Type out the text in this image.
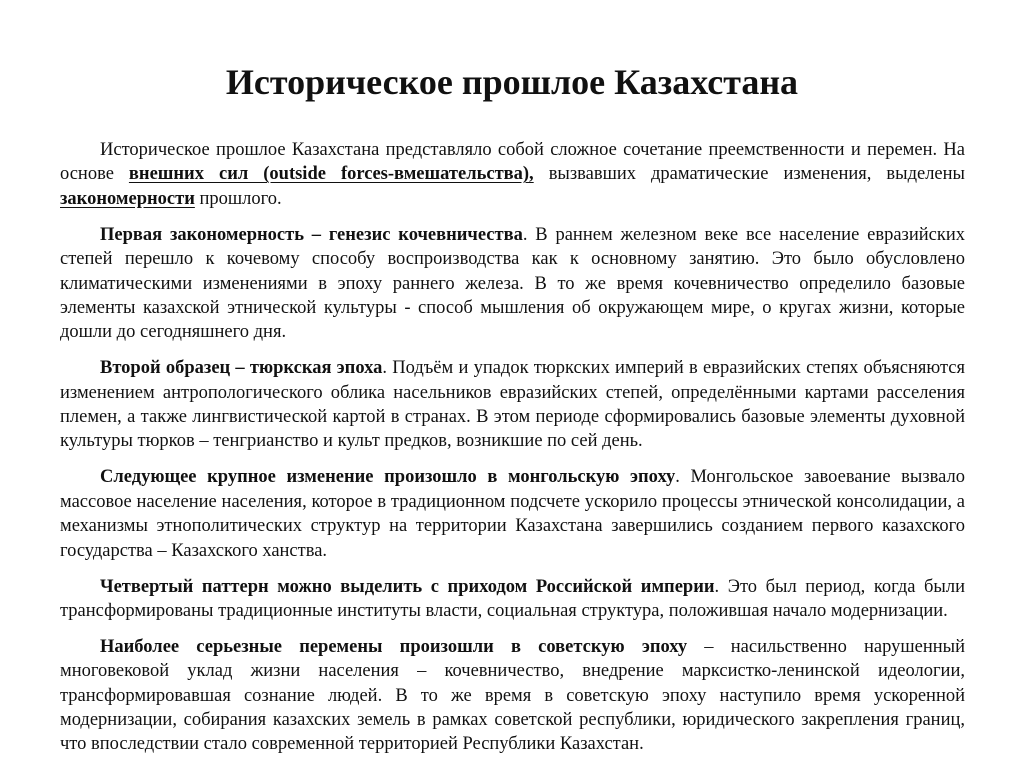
Историческое прошлое Казахстана

Историческое прошлое Казахстана представляло собой сложное сочетание преемственности и перемен. На основе внешних сил (outside forces-вмешательства), вызвавших драматические изменения, выделены закономерности прошлого.

Первая закономерность – генезис кочевничества. В раннем железном веке все население евразийских степей перешло к кочевому способу воспроизводства как к основному занятию. Это было обусловлено климатическими изменениями в эпоху раннего железа. В то же время кочевничество определило базовые элементы казахской этнической культуры - способ мышления об окружающем мире, о кругах жизни, которые дошли до сегодняшнего дня.

Второй образец – тюркская эпоха. Подъём и упадок тюркских империй в евразийских степях объясняются изменением антропологического облика насельников евразийских степей, определёнными картами расселения племен, а также лингвистической картой в странах. В этом периоде сформировались базовые элементы духовной культуры тюрков – тенгрианство и культ предков, возникшие по сей день.

Следующее крупное изменение произошло в монгольскую эпоху. Монгольское завоевание вызвало массовое население населения, которое в традиционном подсчете ускорило процессы этнической консолидации, а механизмы этнополитических структур на территории Казахстана завершились созданием первого казахского государства – Казахского ханства.

Четвертый паттерн можно выделить с приходом Российской империи. Это был период, когда были трансформированы традиционные институты власти, социальная структура, положившая начало модернизации.

Наиболее серьезные перемены произошли в советскую эпоху – насильственно нарушенный многовековой уклад жизни населения – кочевничество, внедрение марксистко-ленинской идеологии, трансформировавшая сознание людей. В то же время в советскую эпоху наступило время ускоренной модернизации, собирания казахских земель в рамках советской республики, юридического закрепления границ, что впоследствии стало современной территорией Республики Казахстан.
